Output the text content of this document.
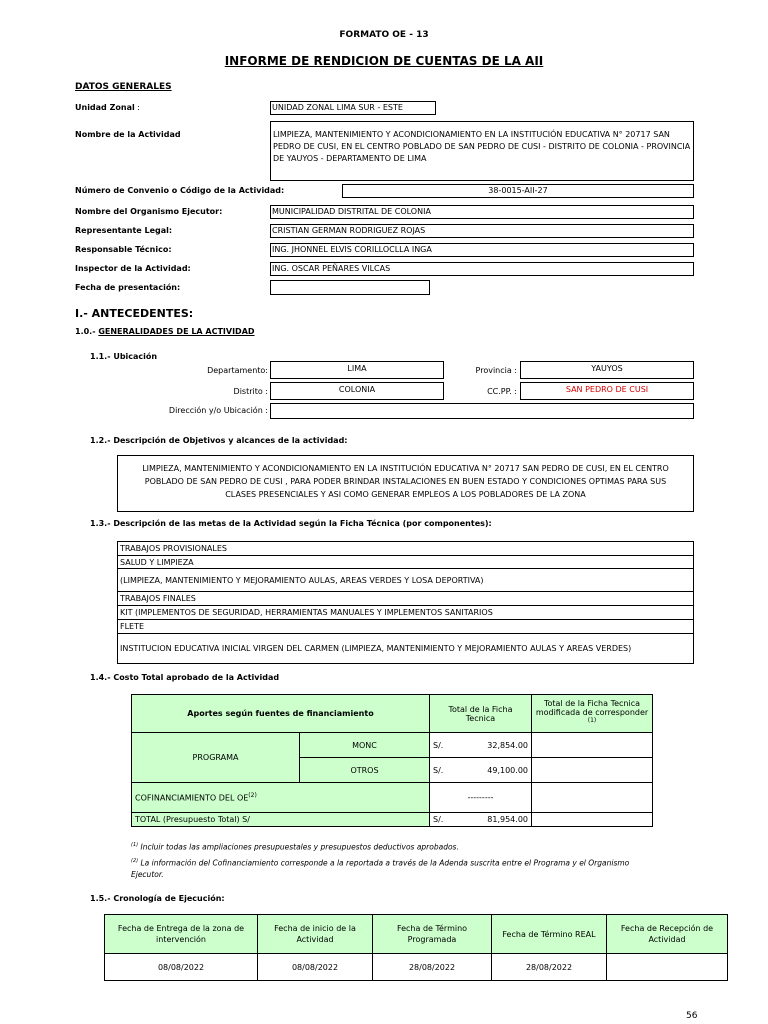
FORMATO OE - 13
INFORME DE RENDICION DE CUENTAS DE LA AII
DATOS GENERALES
Unidad Zonal :	UNIDAD ZONAL LIMA SUR - ESTE
Nombre de la Actividad	LIMPIEZA, MANTENIMIENTO Y ACONDICIONAMIENTO EN LA INSTITUCIÓN EDUCATIVA N° 20717 SAN PEDRO DE CUSI, EN EL CENTRO POBLADO DE SAN PEDRO DE CUSI - DISTRITO DE COLONIA - PROVINCIA DE YAUYOS - DEPARTAMENTO DE LIMA
Número de Convenio o Código de la Actividad:	38-0015-AII-27
Nombre del Organismo Ejecutor:	MUNICIPALIDAD DISTRITAL DE COLONIA
Representante Legal:	CRISTIAN GERMAN RODRIGUEZ ROJAS
Responsable Técnico:	ING. JHONNEL ELVIS CORILLOCLLA INGA
Inspector de la Actividad:	ING. OSCAR PEÑARES VILCAS
Fecha de presentación:
I.- ANTECEDENTES:
1.0.- GENERALIDADES DE LA ACTIVIDAD
1.1.- Ubicación
Departamento:	LIMA	Provincia :	YAUYOS
Distrito :	COLONIA	CC.PP. :	SAN PEDRO DE CUSI
Dirección y/o Ubicación :
1.2.- Descripción de Objetivos y alcances de la actividad:
LIMPIEZA, MANTENIMIENTO Y ACONDICIONAMIENTO EN LA INSTITUCIÓN EDUCATIVA N° 20717 SAN PEDRO DE CUSI, EN EL CENTRO POBLADO DE SAN PEDRO DE CUSI , PARA PODER BRINDAR INSTALACIONES EN BUEN ESTADO Y CONDICIONES OPTIMAS PARA SUS CLASES PRESENCIALES Y ASI COMO GENERAR EMPLEOS A LOS POBLADORES DE LA ZONA
1.3.- Descripción de las metas de la Actividad según la Ficha Técnica (por componentes):
TRABAJOS PROVISIONALES
SALUD Y LIMPIEZA
(LIMPIEZA, MANTENIMIENTO Y MEJORAMIENTO AULAS, AREAS VERDES Y LOSA DEPORTIVA)
TRABAJOS FINALES
KIT (IMPLEMENTOS DE SEGURIDAD, HERRAMIENTAS MANUALES Y IMPLEMENTOS SANITARIOS
FLETE
INSTITUCION EDUCATIVA INICIAL VIRGEN DEL CARMEN (LIMPIEZA, MANTENIMIENTO Y MEJORAMIENTO AULAS Y AREAS VERDES)
1.4.- Costo Total aprobado de la Actividad
Aportes según fuentes de financiamiento		Total de la Ficha Tecnica	Total de la Ficha Tecnica modificada de corresponder $^{(1)}$
PROGRAMA	MONC	S/. 32,854.00	

	OTROS	S/. 49,100.00	

COFINANCIAMIENTO DEL OE$^{(2)}$		---------	
TOTAL (Presupuesto Total) S/		S/. 81,954.00	

$^{(1)}$ Incluir todas las ampliaciones presupuestales y presupuestos deductivos aprobados.
$^{(2)}$ La información del Cofinanciamiento corresponde a la reportada a través de la Adenda suscrita entre el Programa y el Organismo Ejecutor.
1.5.- Cronología de Ejecución:
Fecha de Entrega de la zona de intervención	Fecha de inicio de la Actividad	Fecha de Término Programada	Fecha de Término REAL	Fecha de Recepción de Actividad
08/08/2022	08/08/2022	28/08/2022	28/08/2022	
56
